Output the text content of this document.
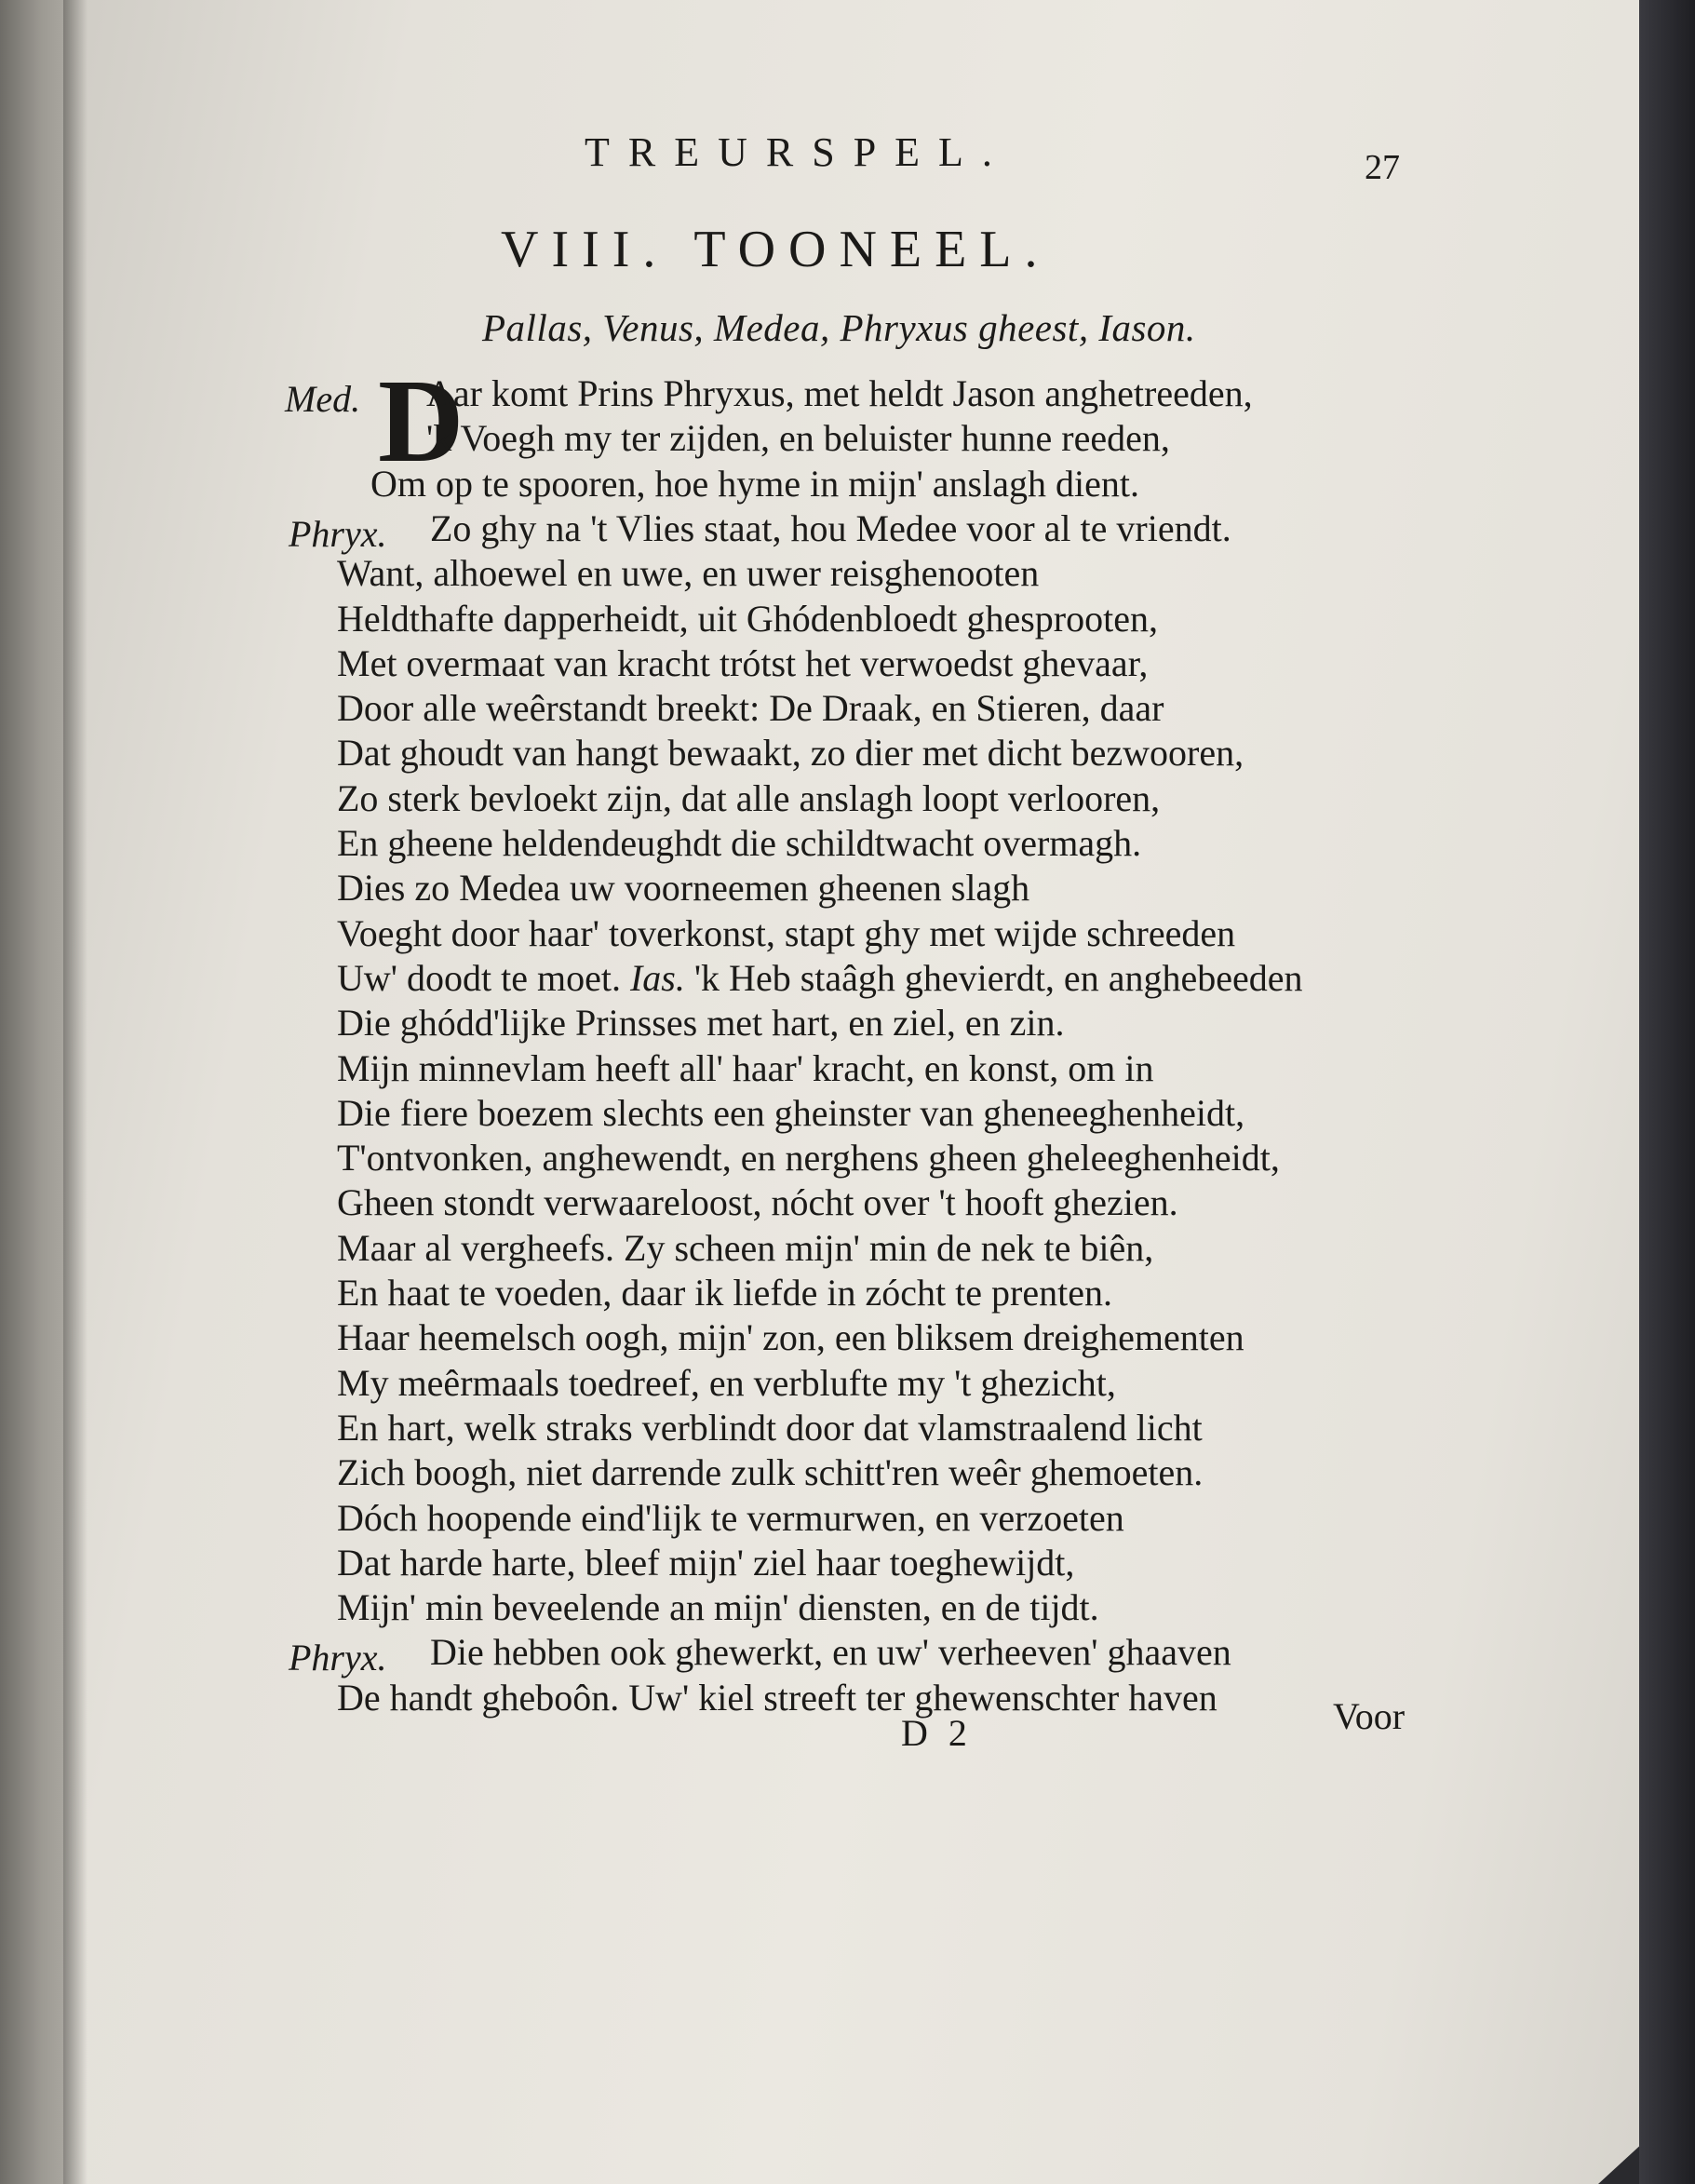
TREURSPEL.	27
VIII. TOONEEL.
Pallas, Venus, Medea, Phryxus gheest, Iason.
D
Med. Aar komt Prins Phryxus, met heldt Jason anghetreeden,
'k Voegh my ter zijden, en beluister hunne reeden,
Om op te spooren, hoe hyme in mijn' anslagh dient.
Phryx. Zo ghy na 't Vlies staat, hou Medee voor al te vriendt.
Want, alhoewel en uwe, en uwer reisghenooten
Heldthafte dapperheidt, uit Ghódenbloedt ghesprooten,
Met overmaat van kracht trótst het verwoedst ghevaar,
Door alle weêrstandt breekt: De Draak, en Stieren, daar
Dat ghoudt van hangt bewaakt, zo dier met dicht bezwooren,
Zo sterk bevloekt zijn, dat alle anslagh loopt verlooren,
En gheene heldendeughdt die schildtwacht overmagh.
Dies zo Medea uw voorneemen gheenen slagh
Voeght door haar' toverkonst, stapt ghy met wijde schreeden
Uw' doodt te moet. Ias. 'k Heb staâgh ghevierdt, en anghebeeden
Die ghódd'lijke Prinsses met hart, en ziel, en zin.
Mijn minnevlam heeft all' haar' kracht, en konst, om in
Die fiere boezem slechts een gheinster van gheneeghenheidt,
T'ontvonken, anghewendt, en nerghens gheen gheleeghenheidt,
Gheen stondt verwaareloost, nócht over 't hooft ghezien.
Maar al vergheefs. Zy scheen mijn' min de nek te biên,
En haat te voeden, daar ik liefde in zócht te prenten.
Haar heemelsch oogh, mijn' zon, een bliksem dreighementen
My meêrmaals toedreef, en verblufte my 't ghezicht,
En hart, welk straks verblindt door dat vlamstraalend licht
Zich boogh, niet darrende zulk schitt'ren weêr ghemoeten.
Dóch hoopende eind'lijk te vermurwen, en verzoeten
Dat harde harte, bleef mijn' ziel haar toeghewijdt,
Mijn' min beveelende an mijn' diensten, en de tijdt.
Phryx. Die hebben ook ghewerkt, en uw' verheeven' ghaaven
De handt gheboôn. Uw' kiel streeft ter ghewenschter haven
D 2	Voor
